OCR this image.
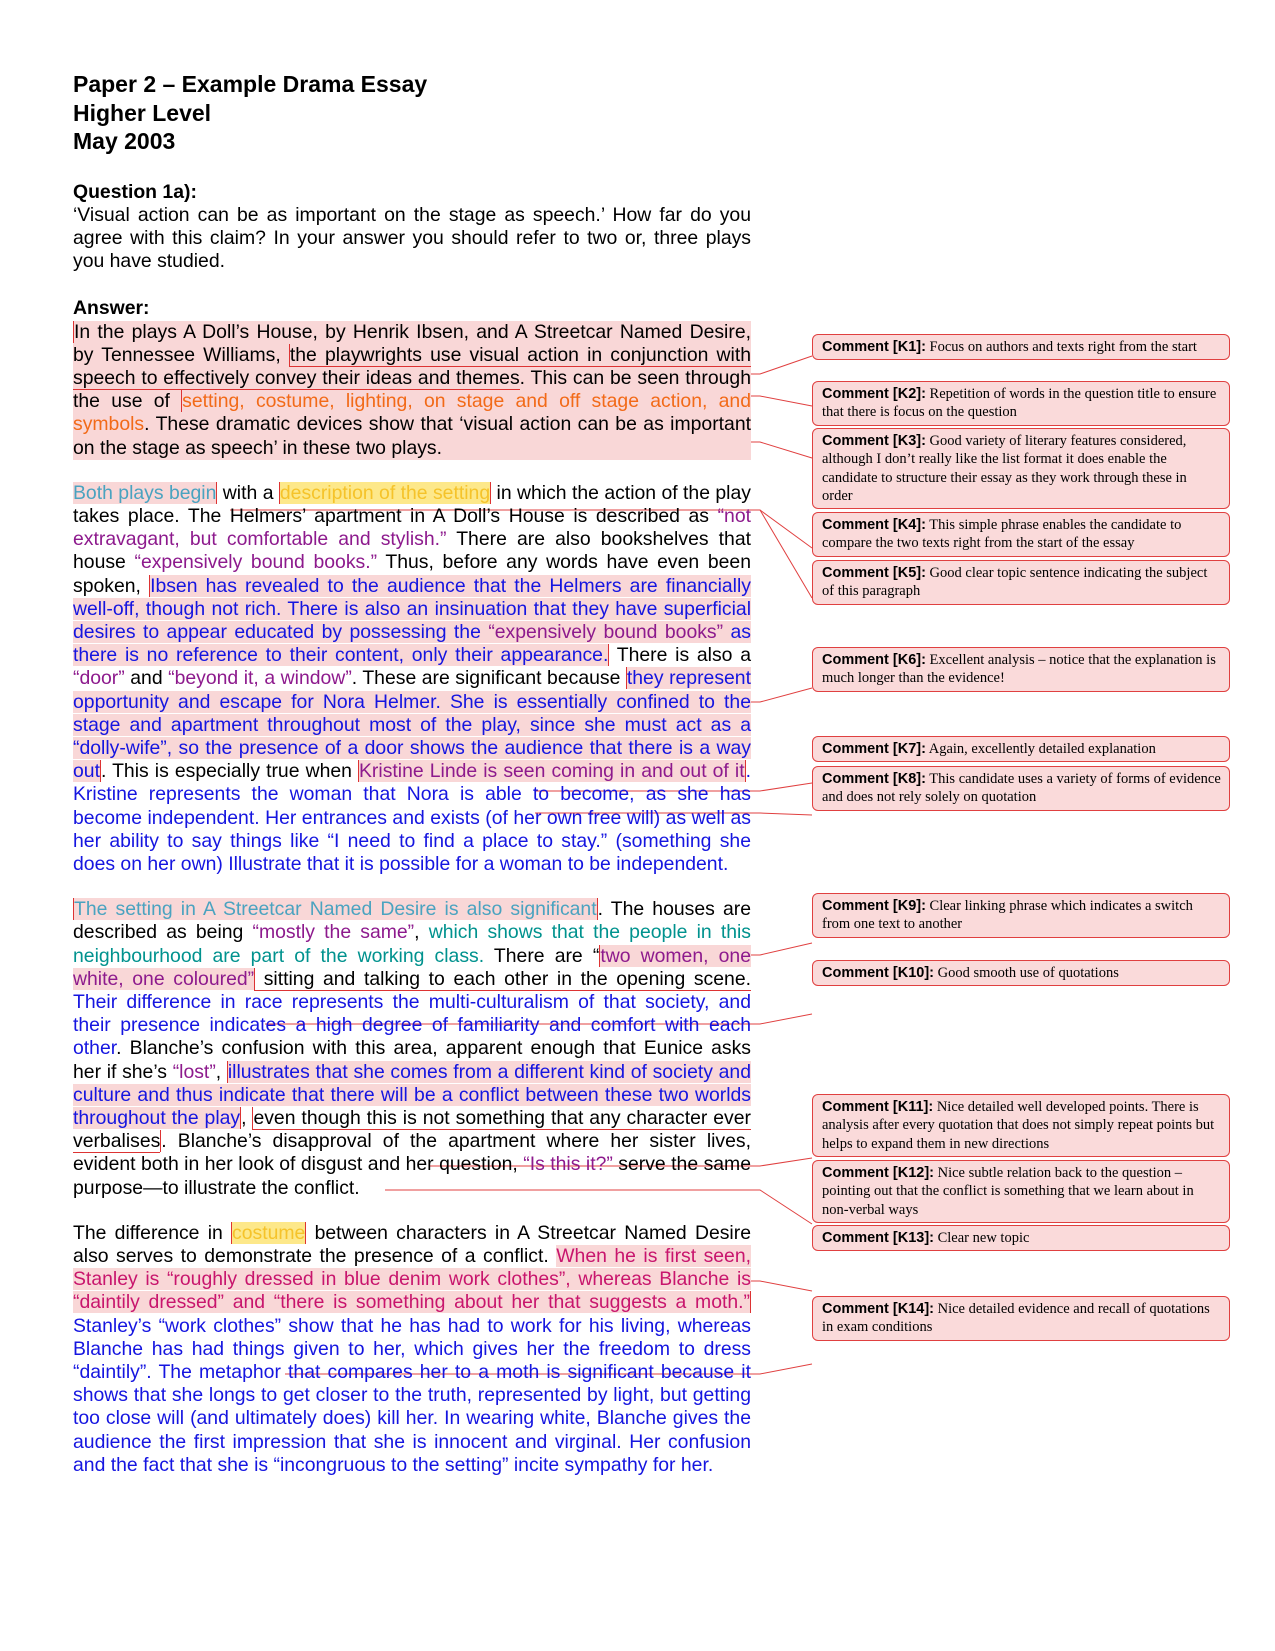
Paper 2 – Example Drama Essay
Higher Level
May 2003
Question 1a):
‘Visual action can be as important on the stage as speech.’ How far do you agree with this claim? In your answer you should refer to two or, three plays you have studied.
Answer:
In the plays A Doll’s House, by Henrik Ibsen, and A Streetcar Named Desire, by Tennessee Williams, the playwrights use visual action in conjunction with speech to effectively convey their ideas and themes. This can be seen through the use of setting, costume, lighting, on stage and off stage action, and symbols. These dramatic devices show that ‘visual action can be as important on the stage as speech’ in these two plays.
Both plays begin with a description of the setting in which the action of the play takes place. The Helmers’ apartment in A Doll’s House is described as “not extravagant, but comfortable and stylish.” There are also bookshelves that house “expensively bound books.” Thus, before any words have even been spoken, Ibsen has revealed to the audience that the Helmers are financially well-off, though not rich. There is also an insinuation that they have superficial desires to appear educated by possessing the “expensively bound books” as there is no reference to their content, only their appearance. There is also a “door” and “beyond it, a window”. These are significant because they represent opportunity and escape for Nora Helmer. She is essentially confined to the stage and apartment throughout most of the play, since she must act as a “dolly-wife”, so the presence of a door shows the audience that there is a way out. This is especially true when Kristine Linde is seen coming in and out of it. Kristine represents the woman that Nora is able to become, as she has become independent. Her entrances and exists (of her own free will) as well as her ability to say things like “I need to find a place to stay.” (something she does on her own) Illustrate that it is possible for a woman to be independent.
The setting in A Streetcar Named Desire is also significant. The houses are described as being “mostly the same”, which shows that the people in this neighbourhood are part of the working class. There are “two women, one white, one coloured” sitting and talking to each other in the opening scene. Their difference in race represents the multi-culturalism of that society, and their presence indicates a high degree of familiarity and comfort with each other. Blanche’s confusion with this area, apparent enough that Eunice asks her if she’s “lost”, illustrates that she comes from a different kind of society and culture and thus indicate that there will be a conflict between these two worlds throughout the play, even though this is not something that any character ever verbalises. Blanche’s disapproval of the apartment where her sister lives, evident both in her look of disgust and her question, “Is this it?” serve the same purpose—to illustrate the conflict.
The difference in costume between characters in A Streetcar Named Desire also serves to demonstrate the presence of a conflict. When he is first seen, Stanley is “roughly dressed in blue denim work clothes”, whereas Blanche is “daintily dressed” and “there is something about her that suggests a moth.” Stanley’s “work clothes” show that he has had to work for his living, whereas Blanche has had things given to her, which gives her the freedom to dress “daintily”. The metaphor that compares her to a moth is significant because it shows that she longs to get closer to the truth, represented by light, but getting too close will (and ultimately does) kill her. In wearing white, Blanche gives the audience the first impression that she is innocent and virginal. Her confusion and the fact that she is “incongruous to the setting” incite sympathy for her.
Comment [K1]: Focus on authors and texts right from the start
Comment [K2]: Repetition of words in the question title to ensure that there is focus on the question
Comment [K3]: Good variety of literary features considered, although I don’t really like the list format it does enable the candidate to structure their essay as they work through these in order
Comment [K4]: This simple phrase enables the candidate to compare the two texts right from the start of the essay
Comment [K5]: Good clear topic sentence indicating the subject of this paragraph
Comment [K6]: Excellent analysis – notice that the explanation is much longer than the evidence!
Comment [K7]: Again, excellently detailed explanation
Comment [K8]: This candidate uses a variety of forms of evidence and does not rely solely on quotation
Comment [K9]: Clear linking phrase which indicates a switch from one text to another
Comment [K10]: Good smooth use of quotations
Comment [K11]: Nice detailed well developed points. There is analysis after every quotation that does not simply repeat points but helps to expand them in new directions
Comment [K12]: Nice subtle relation back to the question – pointing out that the conflict is something that we learn about in non-verbal ways
Comment [K13]: Clear new topic
Comment [K14]: Nice detailed evidence and recall of quotations in exam conditions
